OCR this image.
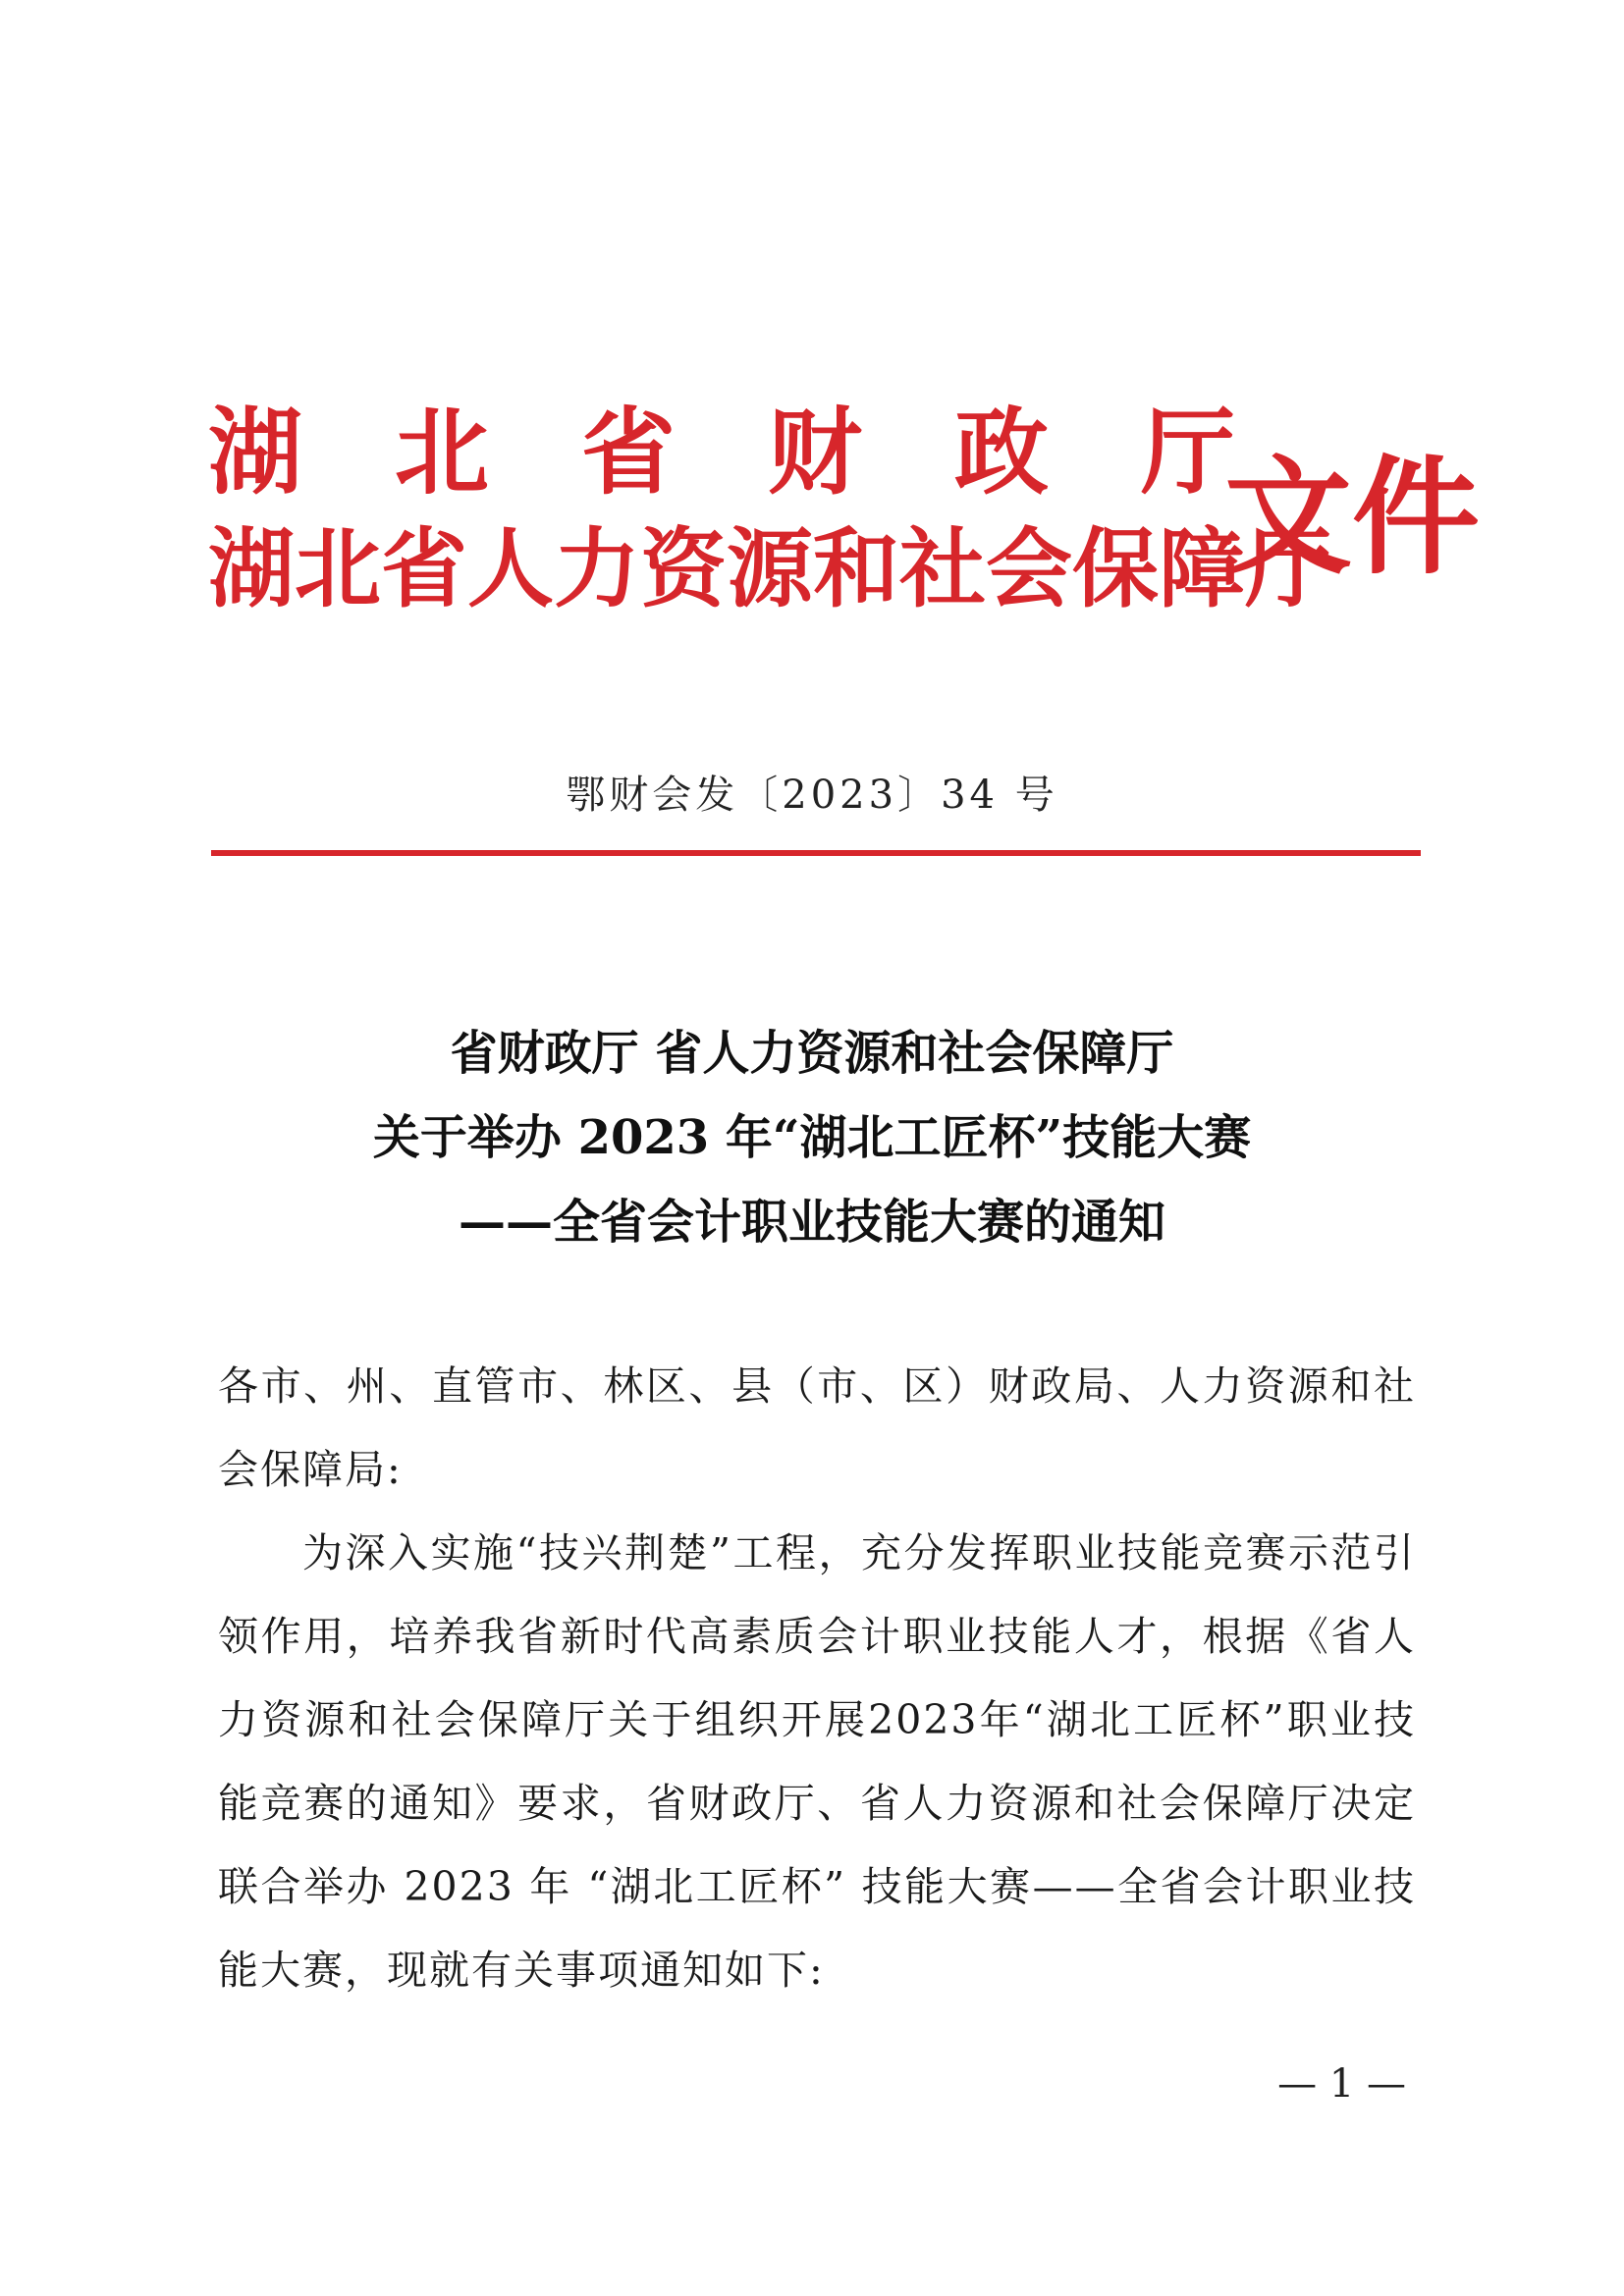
湖北省财政厅
湖北省人力资源和社会保障厅
文件
鄂财会发〔2023〕34 号
省财政厅 省人力资源和社会保障厅
关于举办 2023 年“湖北工匠杯”技能大赛
——全省会计职业技能大赛的通知

各市、州、直管市、林区、县（市、区）财政局、人力资源和社会保障局:

为深入实施“技兴荆楚”工程，充分发挥职业技能竞赛示范引领作用，培养我省新时代高素质会计职业技能人才，根据《省人力资源和社会保障厅关于组织开展2023年“湖北工匠杯”职业技能竞赛的通知》要求，省财政厅、省人力资源和社会保障厅决定联合举办 2023 年 “湖北工匠杯” 技能大赛——全省会计职业技能大赛，现就有关事项通知如下:

— 1 —
